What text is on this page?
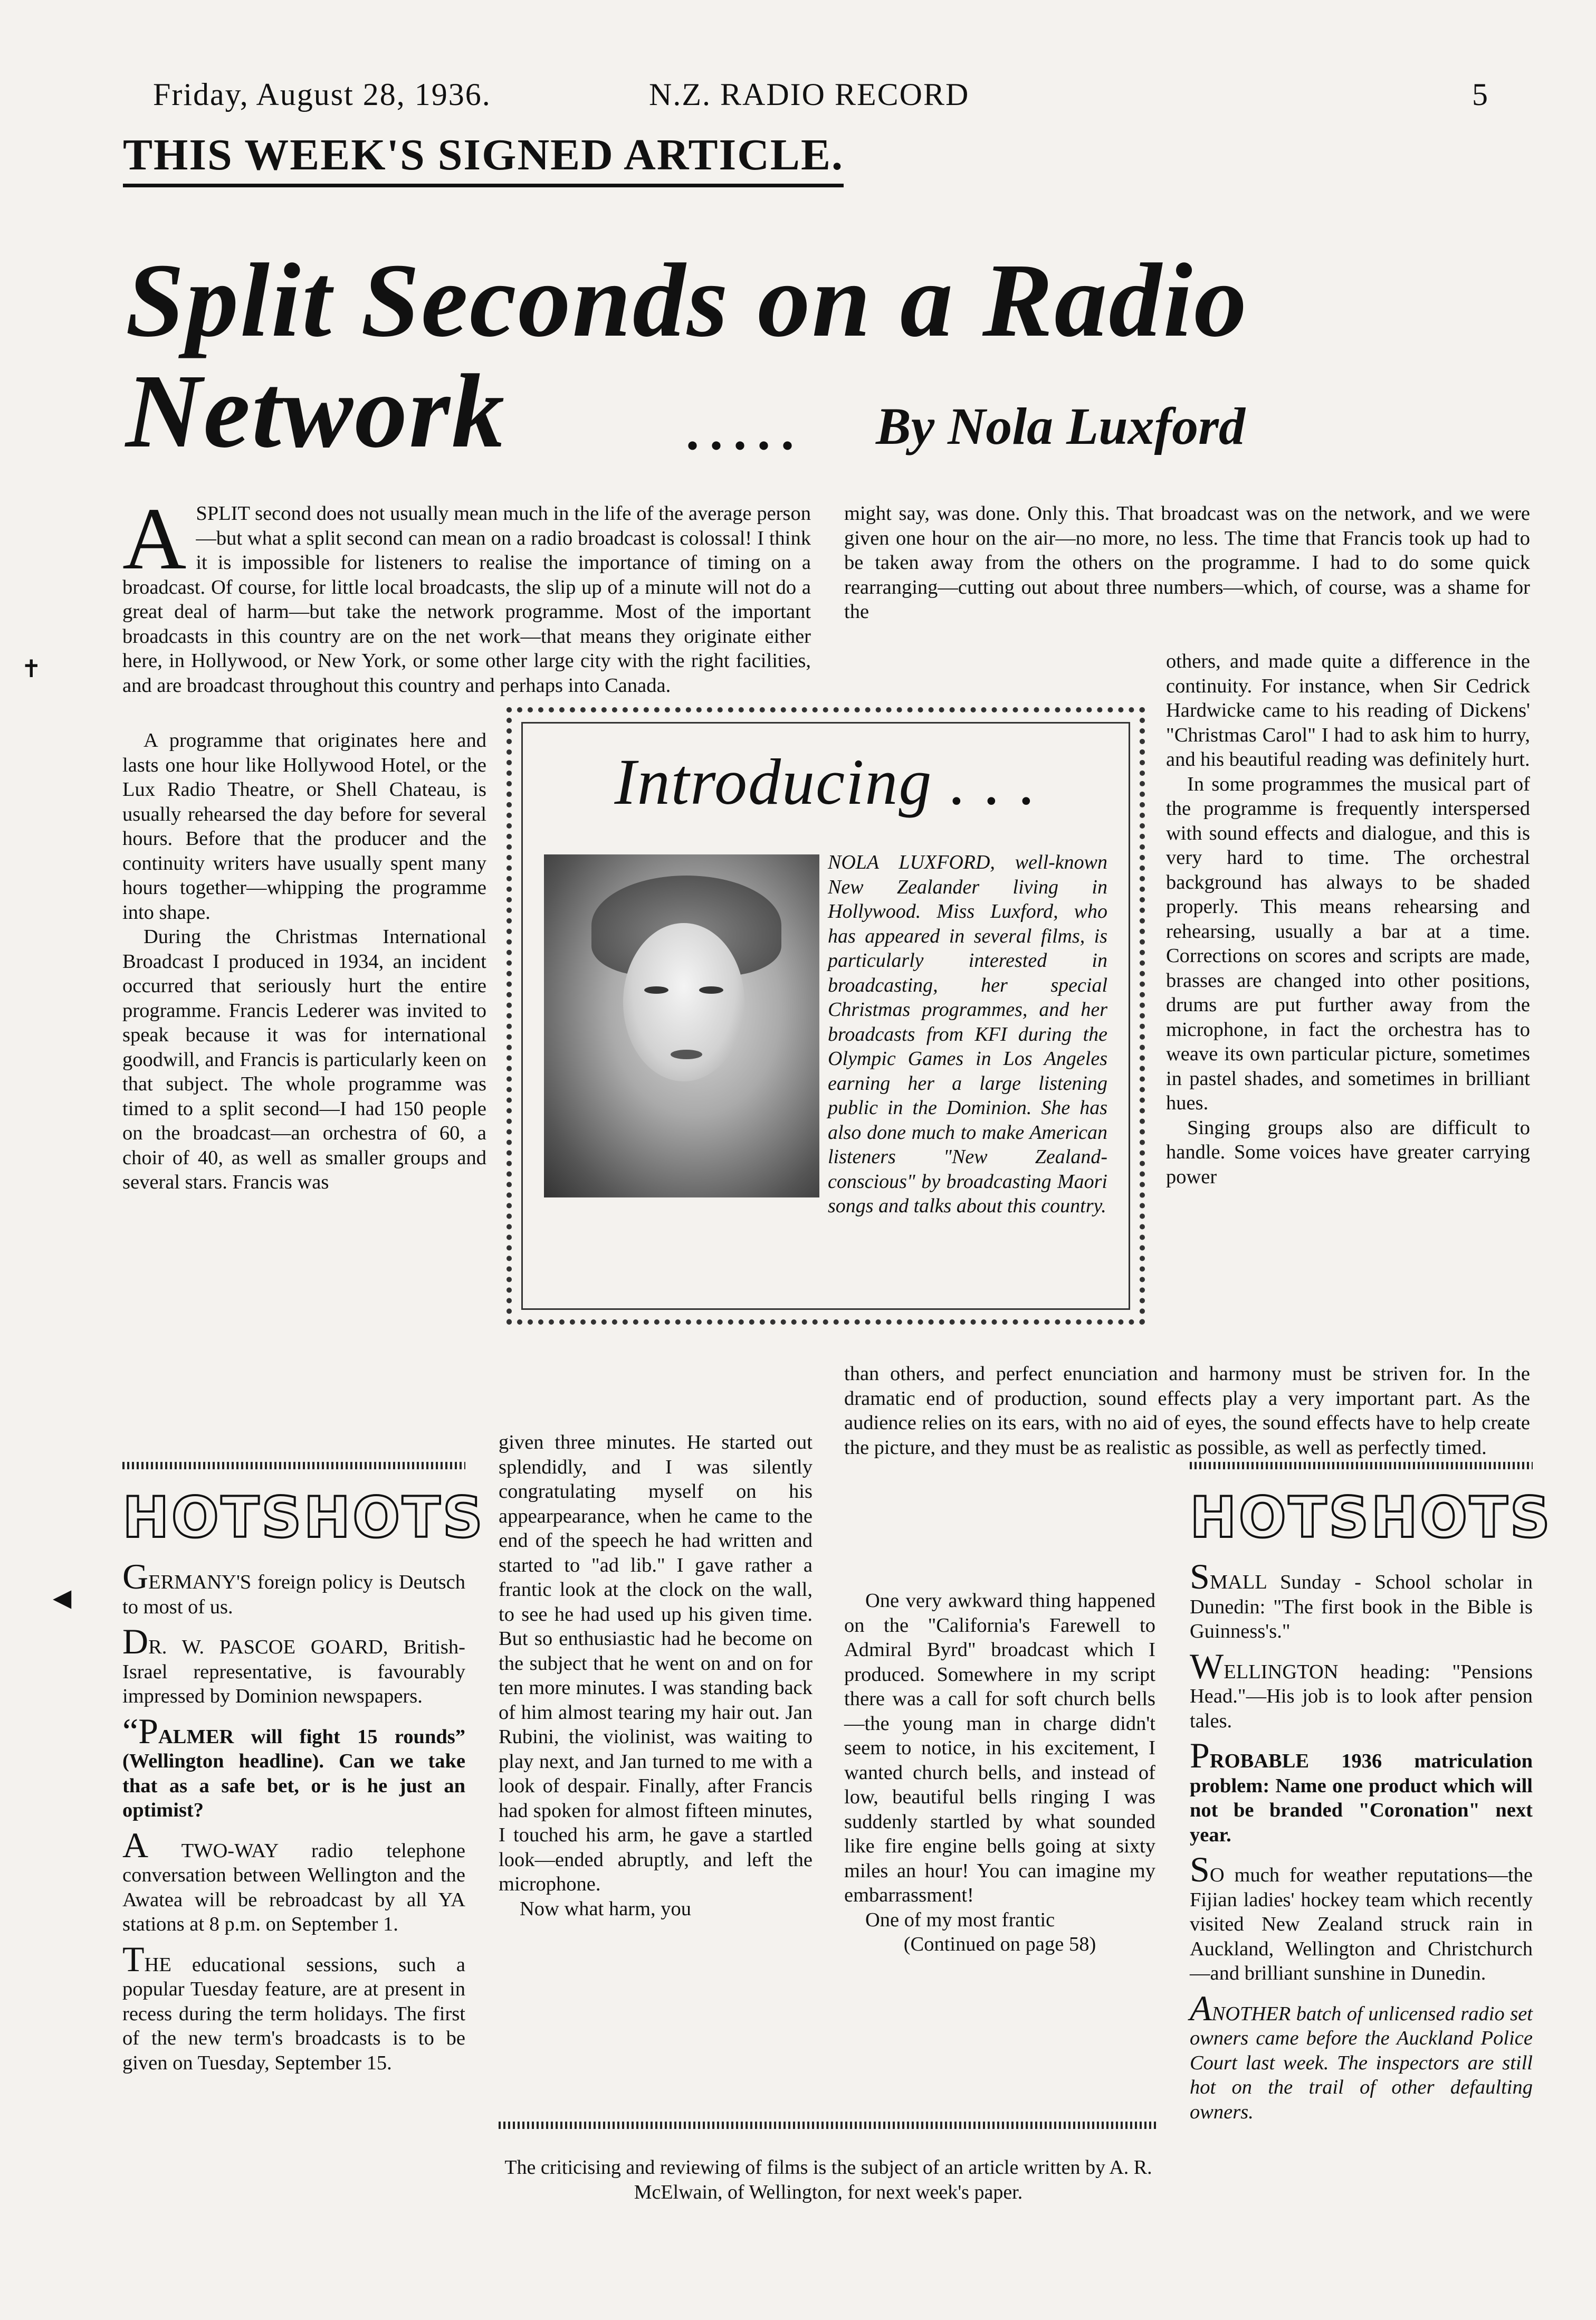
Friday, August 28, 1936.	N.Z. RADIO RECORD	5
THIS WEEK'S SIGNED ARTICLE.
Split Seconds on a Radio
Network	..... By Nola Luxford
A SPLIT second does not usually mean much in the life of the average person—but what a split second can mean on a radio broadcast is colossal! I think it is impossible for listeners to realise the importance of timing on a broadcast. Of course, for little local broadcasts, the slip up of a minute will not do a great deal of harm—but take the network programme. Most of the important broadcasts in this country are on the net work—that means they originate either here, in Hollywood, or New York, or some other large city with the right facilities, and are broadcast throughout this country and perhaps into Canada.

A programme that originates here and lasts one hour like Hollywood Hotel, or the Lux Radio Theatre, or Shell Chateau, is usually rehearsed the day before for several hours. Before that the producer and the continuity writers have usually spent many hours together—whipping the programme into shape.

During the Christmas International Broadcast I produced in 1934, an incident occurred that seriously hurt the entire programme. Francis Lederer was invited to speak because it was for international goodwill, and Francis is particularly keen on that subject. The whole programme was timed to a split second—I had 150 people on the broadcast—an orchestra of 60, a choir of 40, as well as smaller groups and several stars. Francis was

Introducing . . .
NOLA LUXFORD, well-known New Zealander living in Hollywood. Miss Luxford, who has appeared in several films, is particularly interested in broadcasting, her special Christmas programmes, and her broadcasts from KFI during the Olympic Games in Los Angeles earning her a large listening public in the Dominion. She has also done much to make American listeners "New Zealand-conscious" by broadcasting Maori songs and talks about this country.

given three minutes. He started out splendidly, and I was silently congratulating myself on his appearpearance, when he came to the end of the speech he had written and started to "ad lib." I gave rather a frantic look at the clock on the wall, to see he had used up his given time. But so enthusiastic had he become on the subject that he went on and on for ten more minutes. I was standing back of him almost tearing my hair out. Jan Rubini, the violinist, was waiting to play next, and Jan turned to me with a look of despair. Finally, after Francis had spoken for almost fifteen minutes, I touched his arm, he gave a startled look—ended abruptly, and left the microphone.

Now what harm, you

might say, was done. Only this. That broadcast was on the network, and we were given one hour on the air—no more, no less. The time that Francis took up had to be taken away from the others on the programme. I had to do some quick rearranging—cutting out about three numbers—which, of course, was a shame for the

others, and made quite a difference in the continuity. For instance, when Sir Cedrick Hardwicke came to his reading of Dickens' "Christmas Carol" I had to ask him to hurry, and his beautiful reading was definitely hurt.

In some programmes the musical part of the programme is frequently interspersed with sound effects and dialogue, and this is very hard to time. The orchestral background has always to be shaded properly. This means rehearsing and rehearsing, usually a bar at a time. Corrections on scores and scripts are made, brasses are changed into other positions, drums are put further away from the microphone, in fact the orchestra has to weave its own particular picture, sometimes in pastel shades, and sometimes in brilliant hues.

Singing groups also are difficult to handle. Some voices have greater carrying power

than others, and perfect enunciation and harmony must be striven for. In the dramatic end of production, sound effects play a very important part. As the audience relies on its ears, with no aid of eyes, the sound effects have to help create the picture, and they must be as realistic as possible, as well as perfectly timed.

One very awkward thing happened on the "California's Farewell to Admiral Byrd" broadcast which I produced. Somewhere in my script there was a call for soft church bells—the young man in charge didn't seem to notice, in his excitement, I wanted church bells, and instead of low, beautiful bells ringing I was suddenly startled by what sounded like fire engine bells going at sixty miles an hour! You can imagine my embarrassment!

One of my most frantic

(Continued on page 58)

HOTSHOTS
GERMANY'S foreign policy is Deutsch to most of us.
DR. W. PASCOE GOARD, British-Israel representative, is favourably impressed by Dominion newspapers.
“PALMER will fight 15 rounds” (Wellington headline). Can we take that as a safe bet, or is he just an optimist?
A TWO-WAY radio telephone conversation between Wellington and the Awatea will be rebroadcast by all YA stations at 8 p.m. on September 1.
THE educational sessions, such a popular Tuesday feature, are at present in recess during the term holidays. The first of the new term's broadcasts is to be given on Tuesday, September 15.
HOTSHOTS
SMALL Sunday - School scholar in Dunedin: "The first book in the Bible is Guinness's."
WELLINGTON heading: "Pensions Head."—His job is to look after pension tales.
PROBABLE 1936 matriculation problem: Name one product which will not be branded "Coronation" next year.
SO much for weather reputations—the Fijian ladies' hockey team which recently visited New Zealand struck rain in Auckland, Wellington and Christchurch—and brilliant sunshine in Dunedin.
ANOTHER batch of unlicensed radio set owners came before the Auckland Police Court last week. The inspectors are still hot on the trail of other defaulting owners.
The criticising and reviewing of films is the subject of an article written by A. R. McElwain, of Wellington, for next week's paper.
✝
◀
